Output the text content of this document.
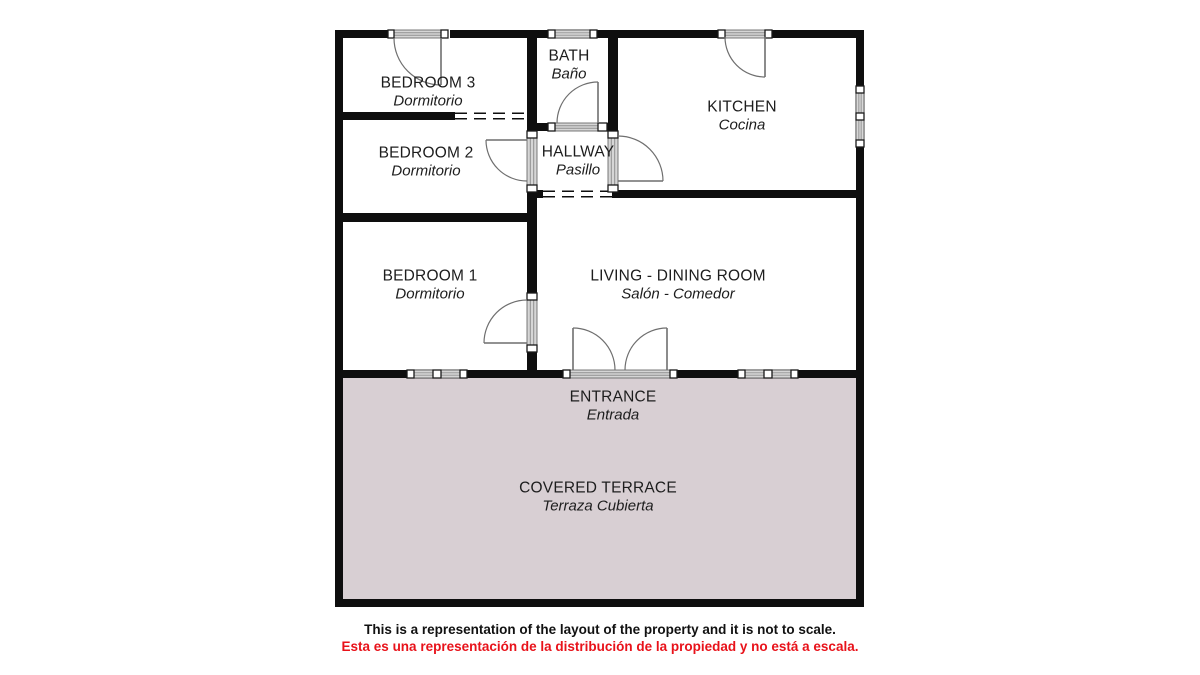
BEDROOM 3
Dormitorio
BATH
Baño
KITCHEN
Cocina
BEDROOM 2
Dormitorio
HALLWAY
Pasillo
BEDROOM 1
Dormitorio
LIVING - DINING ROOM
Salón - Comedor
ENTRANCE
Entrada
COVERED TERRACE
Terraza Cubierta
This is a representation of the layout of the property and it is not to scale.
Esta es una representación de la distribución de la propiedad y no está a escala.
